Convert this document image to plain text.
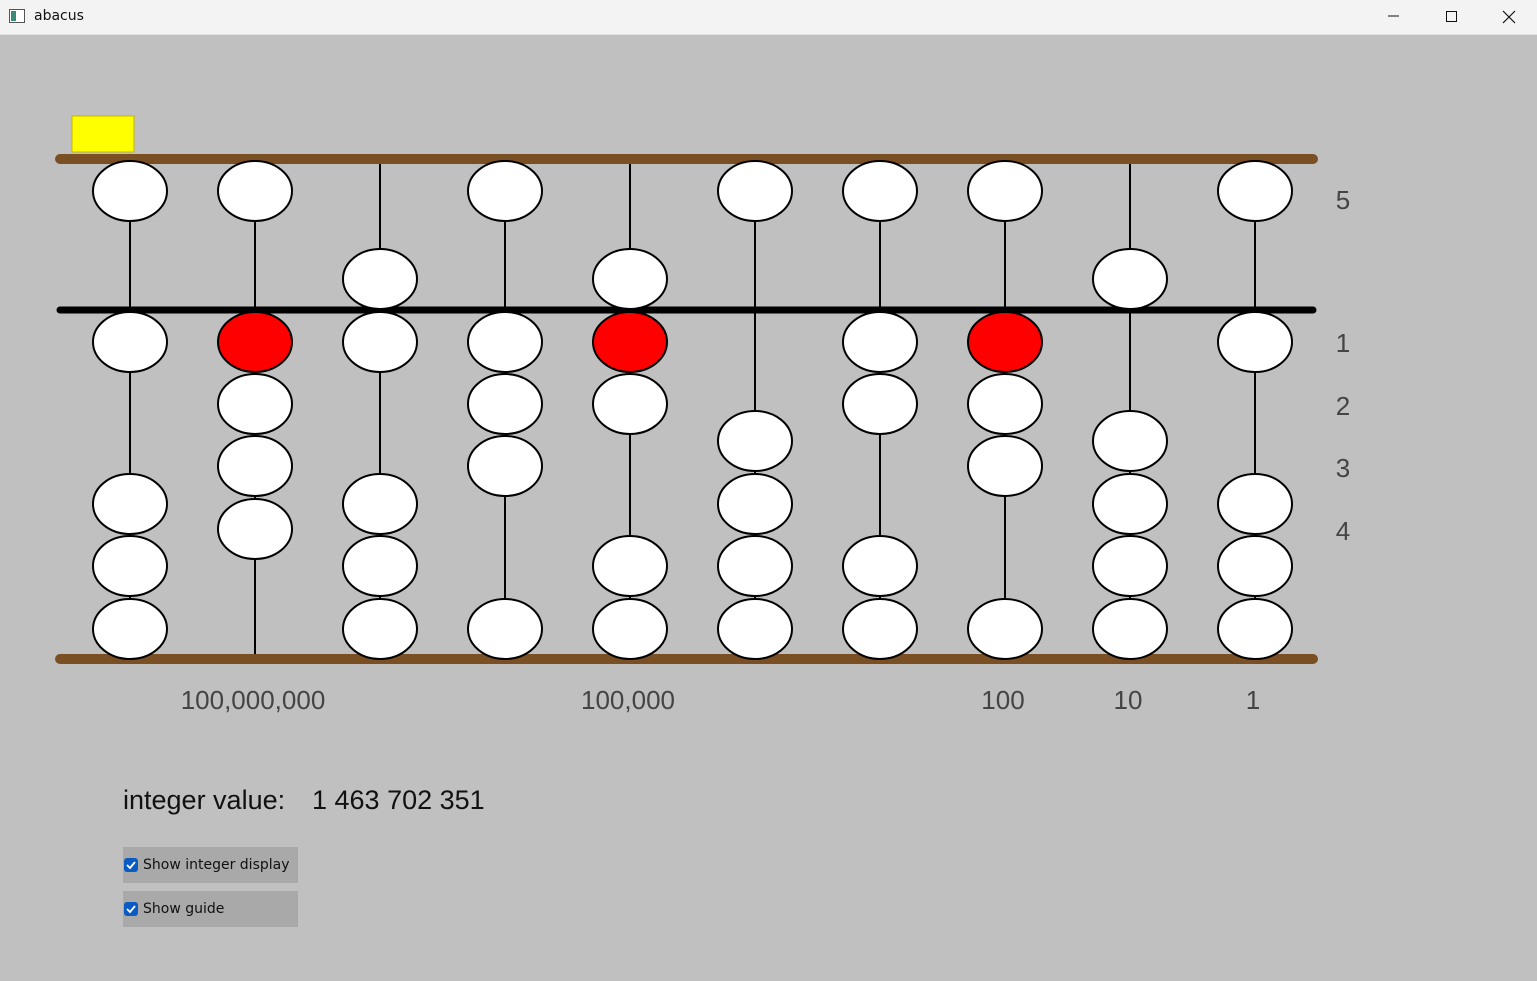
abacus
5
1
2
3
4
100,000,000	100,000	100	10	1
integer value: 1 463 702 351
Show integer display
Show guide
